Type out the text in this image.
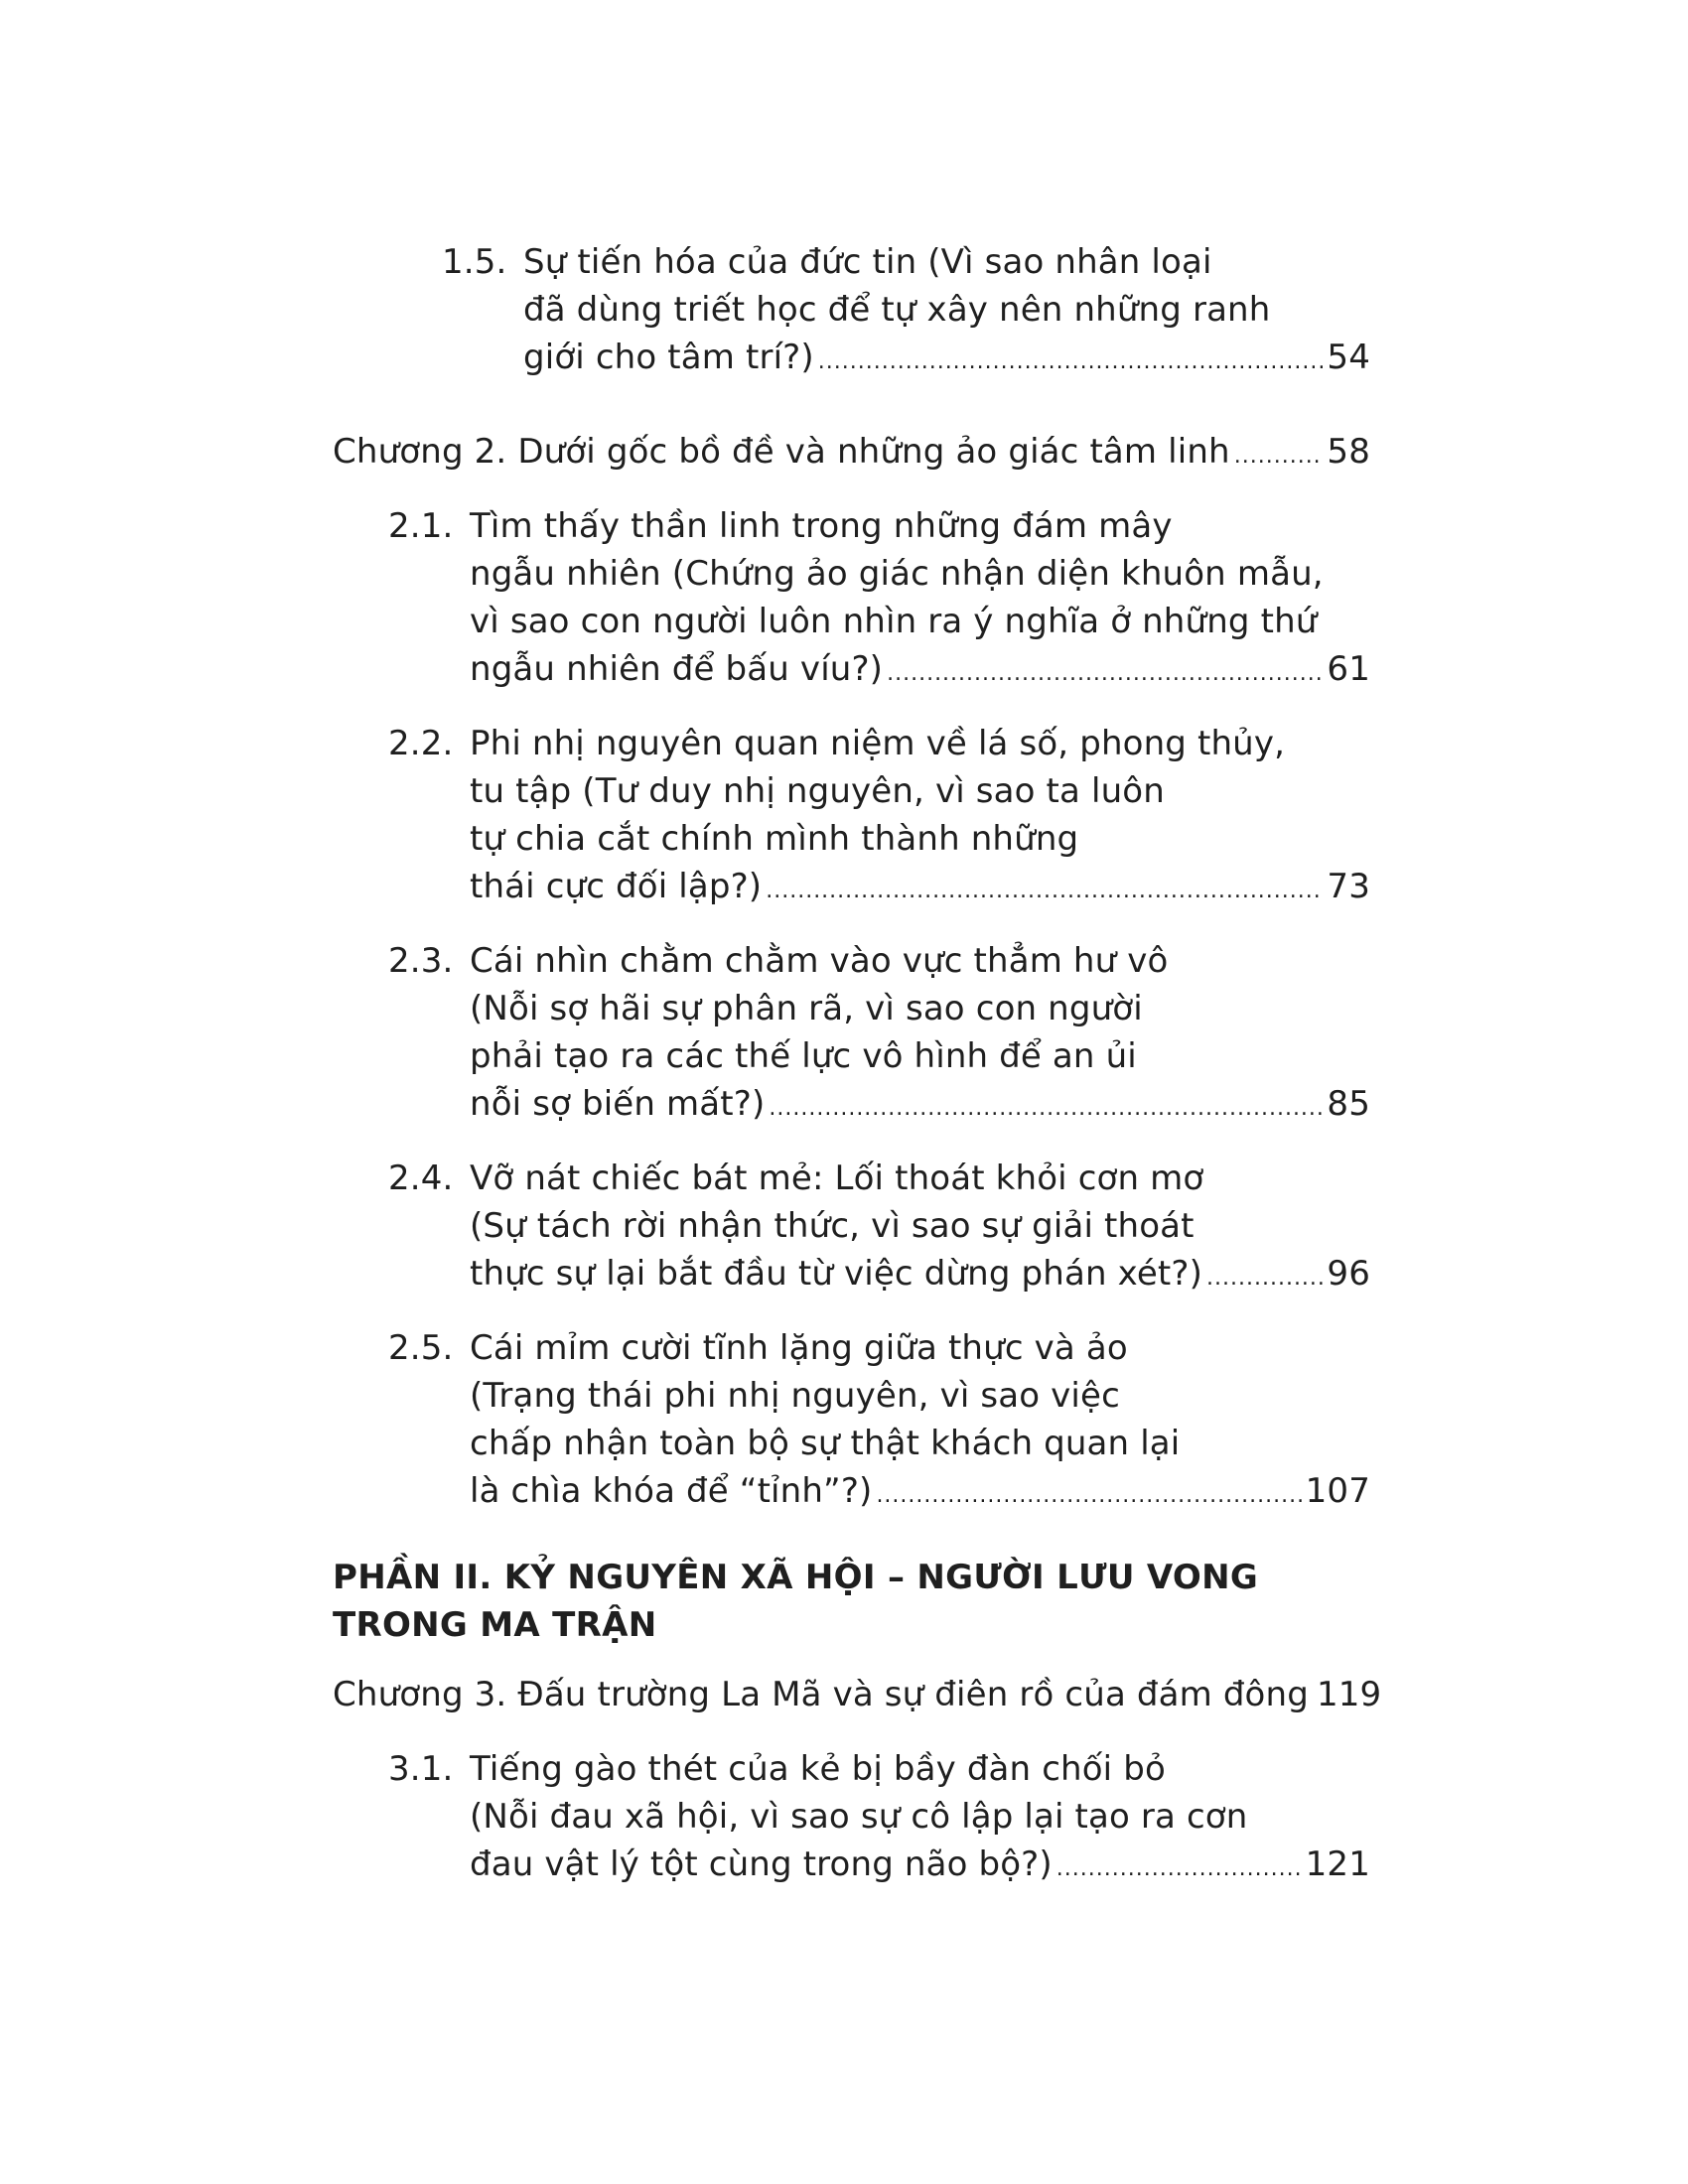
1.5. Sự tiến hóa của đức tin (Vì sao nhân loại
đã dùng triết học để tự xây nên những ranh
giới cho tâm trí?) .....	54
Chương 2. Dưới gốc bồ đề và những ảo giác tâm linh .....	58
2.1. Tìm thấy thần linh trong những đám mây
ngẫu nhiên (Chứng ảo giác nhận diện khuôn mẫu,
vì sao con người luôn nhìn ra ý nghĩa ở những thứ
ngẫu nhiên để bấu víu?) .....	61
2.2. Phi nhị nguyên quan niệm về lá số, phong thủy,
tu tập (Tư duy nhị nguyên, vì sao ta luôn
tự chia cắt chính mình thành những
thái cực đối lập?) .....	73
2.3. Cái nhìn chằm chằm vào vực thẳm hư vô
(Nỗi sợ hãi sự phân rã, vì sao con người
phải tạo ra các thế lực vô hình để an ủi
nỗi sợ biến mất?) .....	85
2.4. Vỡ nát chiếc bát mẻ: Lối thoát khỏi cơn mơ
(Sự tách rời nhận thức, vì sao sự giải thoát
thực sự lại bắt đầu từ việc dừng phán xét?) .....	96
2.5. Cái mỉm cười tĩnh lặng giữa thực và ảo
(Trạng thái phi nhị nguyên, vì sao việc
chấp nhận toàn bộ sự thật khách quan lại
là chìa khóa để “tỉnh”?) .....	107
PHẦN II. KỶ NGUYÊN XÃ HỘI – NGƯỜI LƯU VONG
TRONG MA TRẬN
Chương 3. Đấu trường La Mã và sự điên rồ của đám đông 119
3.1. Tiếng gào thét của kẻ bị bầy đàn chối bỏ
(Nỗi đau xã hội, vì sao sự cô lập lại tạo ra cơn
đau vật lý tột cùng trong não bộ?) .....	121
